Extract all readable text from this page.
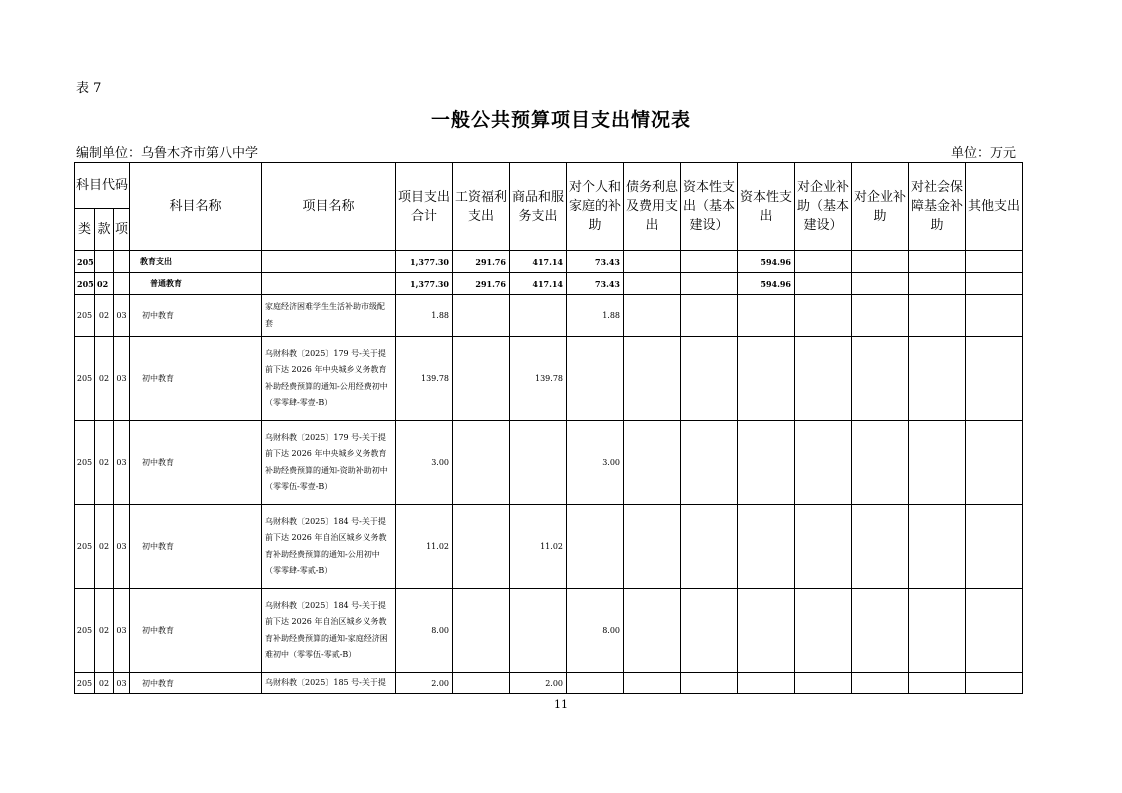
表 7
一般公共预算项目支出情况表
编制单位：乌鲁木齐市第八中学	单位：万元
科目代码			科目名称	项目名称	项目支出合计	工资福利支出	商品和服务支出	对个人和家庭的补助	债务利息及费用支出	资本性支出（基本建设）	资本性支出	对企业补助（基本建设）	对企业补助	对社会保障基金补助	其他支出
类	款	项													
205			教育支出		1,377.30	291.76	417.14	73.43			594.96				
205	02		普通教育		1,377.30	291.76	417.14	73.43			594.96				
205	02	03	初中教育	家庭经济困难学生生活补助市级配套	1.88			1.88							
205	02	03	初中教育	乌财科教〔2025〕179 号-关于提前下达 2026 年中央城乡义务教育补助经费预算的通知-公用经费初中（零零肆-零壹-B）	139.78		139.78								
205	02	03	初中教育	乌财科教〔2025〕179 号-关于提前下达 2026 年中央城乡义务教育补助经费预算的通知-资助补助初中（零零伍-零壹-B）	3.00			3.00							
205	02	03	初中教育	乌财科教〔2025〕184 号-关于提前下达 2026 年自治区城乡义务教育补助经费预算的通知-公用初中（零零肆-零贰-B）	11.02		11.02								
205	02	03	初中教育	乌财科教〔2025〕184 号-关于提前下达 2026 年自治区城乡义务教育补助经费预算的通知-家庭经济困难初中（零零伍-零贰-B）	8.00			8.00							
205	02	03	初中教育	乌财科教〔2025〕185 号-关于提	2.00		2.00								
11
